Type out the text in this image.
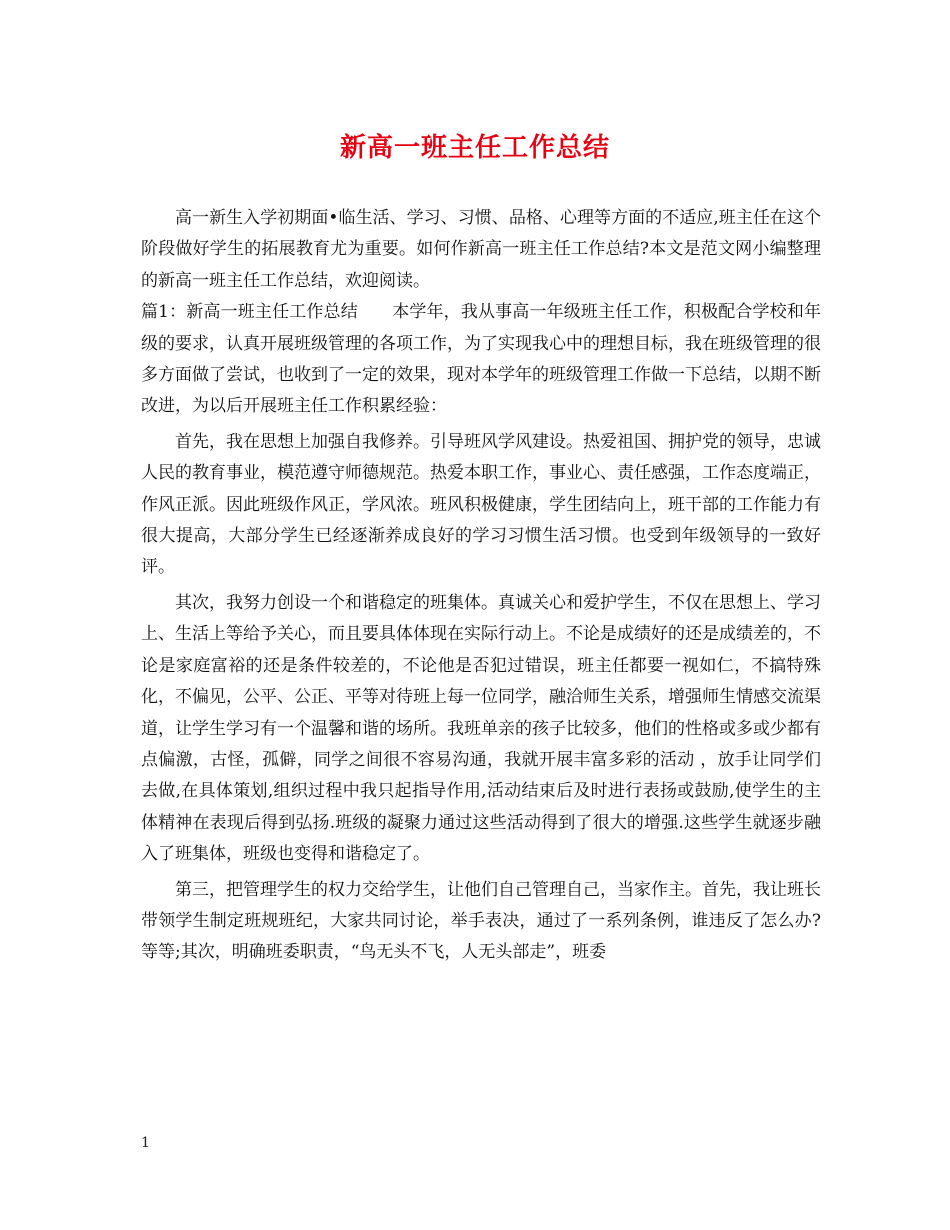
新高一班主任工作总结

高一新生入学初期面•临生活、学习、习惯、品格、心理等方面的不适应,班主任在这个阶段做好学生的拓展教育尤为重要。如何作新高一班主任工作总结?本文是范文网小编整理的新高一班主任工作总结，欢迎阅读。

篇1：新高一班主任工作总结　　本学年，我从事高一年级班主任工作，积极配合学校和年级的要求，认真开展班级管理的各项工作，为了实现我心中的理想目标，我在班级管理的很多方面做了尝试，也收到了一定的效果，现对本学年的班级管理工作做一下总结，以期不断改进，为以后开展班主任工作积累经验：

首先，我在思想上加强自我修养。引导班风学风建设。热爱祖国、拥护党的领导，忠诚人民的教育事业，模范遵守师德规范。热爱本职工作，事业心、责任感强，工作态度端正，作风正派。因此班级作风正，学风浓。班风积极健康，学生团结向上，班干部的工作能力有很大提高，大部分学生已经逐渐养成良好的学习习惯生活习惯。也受到年级领导的一致好评。

其次，我努力创设一个和谐稳定的班集体。真诚关心和爱护学生，不仅在思想上、学习上、生活上等给予关心，而且要具体体现在实际行动上。不论是成绩好的还是成绩差的，不论是家庭富裕的还是条件较差的，不论他是否犯过错误，班主任都要一视如仁，不搞特殊化，不偏见，公平、公正、平等对待班上每一位同学，融洽师生关系，增强师生情感交流渠道，让学生学习有一个温馨和谐的场所。我班单亲的孩子比较多，他们的性格或多或少都有点偏激，古怪，孤僻，同学之间很不容易沟通，我就开展丰富多彩的活动 ，放手让同学们去做,在具体策划,组织过程中我只起指导作用,活动结束后及时进行表扬或鼓励,使学生的主体精神在表现后得到弘扬.班级的凝聚力通过这些活动得到了很大的增强.这些学生就逐步融入了班集体，班级也变得和谐稳定了。

第三，把管理学生的权力交给学生，让他们自己管理自己，当家作主。首先，我让班长带领学生制定班规班纪，大家共同讨论，举手表决，通过了一系列条例，谁违反了怎么办?等等;其次，明确班委职责，“鸟无头不飞，人无头部走”，班委

1
